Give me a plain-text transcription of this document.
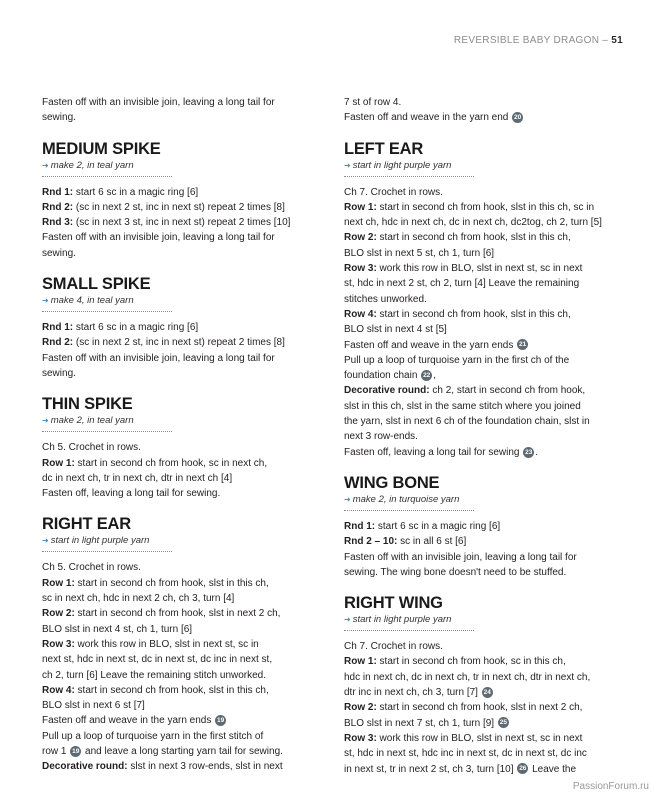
REVERSIBLE BABY DRAGON – 51

Fasten off with an invisible join, leaving a long tail for

sewing.

MEDIUM SPIKE
➜ make 2, in teal yarn

Rnd 1: start 6 sc in a magic ring [6]

Rnd 2: (sc in next 2 st, inc in next st) repeat 2 times [8]

Rnd 3: (sc in next 3 st, inc in next st) repeat 2 times [10]

Fasten off with an invisible join, leaving a long tail for

sewing.

SMALL SPIKE
➜ make 4, in teal yarn

Rnd 1: start 6 sc in a magic ring [6]

Rnd 2: (sc in next 2 st, inc in next st) repeat 2 times [8]

Fasten off with an invisible join, leaving a long tail for

sewing.

THIN SPIKE
➜ make 2, in teal yarn

Ch 5. Crochet in rows.

Row 1: start in second ch from hook, sc in next ch,

dc in next ch, tr in next ch, dtr in next ch [4]

Fasten off, leaving a long tail for sewing.

RIGHT EAR
➜ start in light purple yarn

Ch 5. Crochet in rows.

Row 1: start in second ch from hook, slst in this ch,

sc in next ch, hdc in next 2 ch, ch 3, turn [4]

Row 2: start in second ch from hook, slst in next 2 ch,

BLO slst in next 4 st, ch 1, turn [6]

Row 3: work this row in BLO, slst in next st, sc in

next st, hdc in next st, dc in next st, dc inc in next st,

ch 2, turn [6] Leave the remaining stitch unworked.

Row 4: start in second ch from hook, slst in this ch,

BLO slst in next 6 st [7]

Fasten off and weave in the yarn ends 19

Pull up a loop of turquoise yarn in the first stitch of

row 1 19 and leave a long starting yarn tail for sewing.

Decorative round: slst in next 3 row-ends, slst in next

7 st of row 4.

Fasten off and weave in the yarn end 20

LEFT EAR
➜ start in light purple yarn

Ch 7. Crochet in rows.

Row 1: start in second ch from hook, slst in this ch, sc in

next ch, hdc in next ch, dc in next ch, dc2tog, ch 2, turn [5]

Row 2: start in second ch from hook, slst in this ch,

BLO slst in next 5 st, ch 1, turn [6]

Row 3: work this row in BLO, slst in next st, sc in next

st, hdc in next 2 st, ch 2, turn [4] Leave the remaining

stitches unworked.

Row 4: start in second ch from hook, slst in this ch,

BLO slst in next 4 st [5]

Fasten off and weave in the yarn ends 21

Pull up a loop of turquoise yarn in the first ch of the

foundation chain 22 ,

Decorative round: ch 2, start in second ch from hook,

slst in this ch, slst in the same stitch where you joined

the yarn, slst in next 6 ch of the foundation chain, slst in

next 3 row-ends.

Fasten off, leaving a long tail for sewing 23 .

WING BONE
➜ make 2, in turquoise yarn

Rnd 1: start 6 sc in a magic ring [6]

Rnd 2 – 10: sc in all 6 st [6]

Fasten off with an invisible join, leaving a long tail for

sewing. The wing bone doesn't need to be stuffed.

RIGHT WING
➜ start in light purple yarn

Ch 7. Crochet in rows.

Row 1: start in second ch from hook, sc in this ch,

hdc in next ch, dc in next ch, tr in next ch, dtr in next ch,

dtr inc in next ch, ch 3, turn [7] 24

Row 2: start in second ch from hook, slst in next 2 ch,

BLO slst in next 7 st, ch 1, turn [9] 25

Row 3: work this row in BLO, slst in next st, sc in next

st, hdc in next st, hdc inc in next st, dc in next st, dc inc

in next st, tr in next 2 st, ch 3, turn [10] 26 Leave the

PassionForum.ru
